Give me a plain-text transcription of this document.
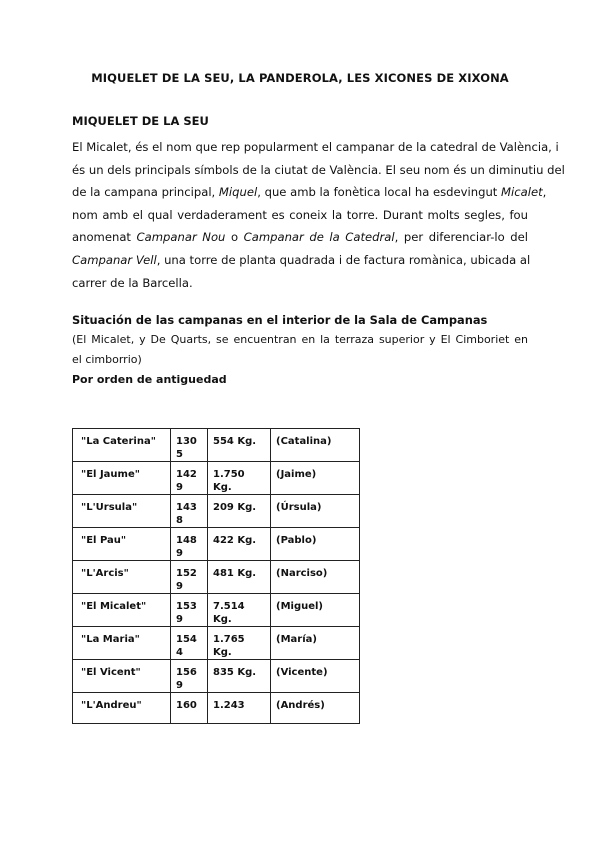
MIQUELET DE LA SEU, LA PANDEROLA, LES XICONES DE XIXONA
MIQUELET DE LA SEU
El Micalet, és el nom que rep popularment el campanar de la catedral de València, i
és un dels principals símbols de la ciutat de València. El seu nom és un diminutiu del
de la campana principal, Miquel, que amb la fonètica local ha esdevingut Micalet,
nom amb el qual verdaderament es coneix la torre. Durant molts segles, fou
anomenat Campanar Nou o Campanar de la Catedral, per diferenciar-lo del
Campanar Vell, una torre de planta quadrada i de factura romànica, ubicada al
carrer de la Barcella.
Situación de las campanas en el interior de la Sala de Campanas
(El Micalet, y De Quarts, se encuentran en la terraza superior y El Cimboriet en
el cimborrio)
Por orden de antiguedad
"La Caterina"	1305	554 Kg.	(Catalina)
"El Jaume"	1429	1.750 Kg.	(Jaime)
"L'Ursula"	1438	209 Kg.	(Úrsula)
"El Pau"	1489	422 Kg.	(Pablo)
"L'Arcis"	1529	481 Kg.	(Narciso)
"El Micalet"	1539	7.514 Kg.	(Miguel)
"La Maria"	1544	1.765 Kg.	(María)
"El Vicent"	1569	835 Kg.	(Vicente)
"L'Andreu"	160	1.243	(Andrés)
